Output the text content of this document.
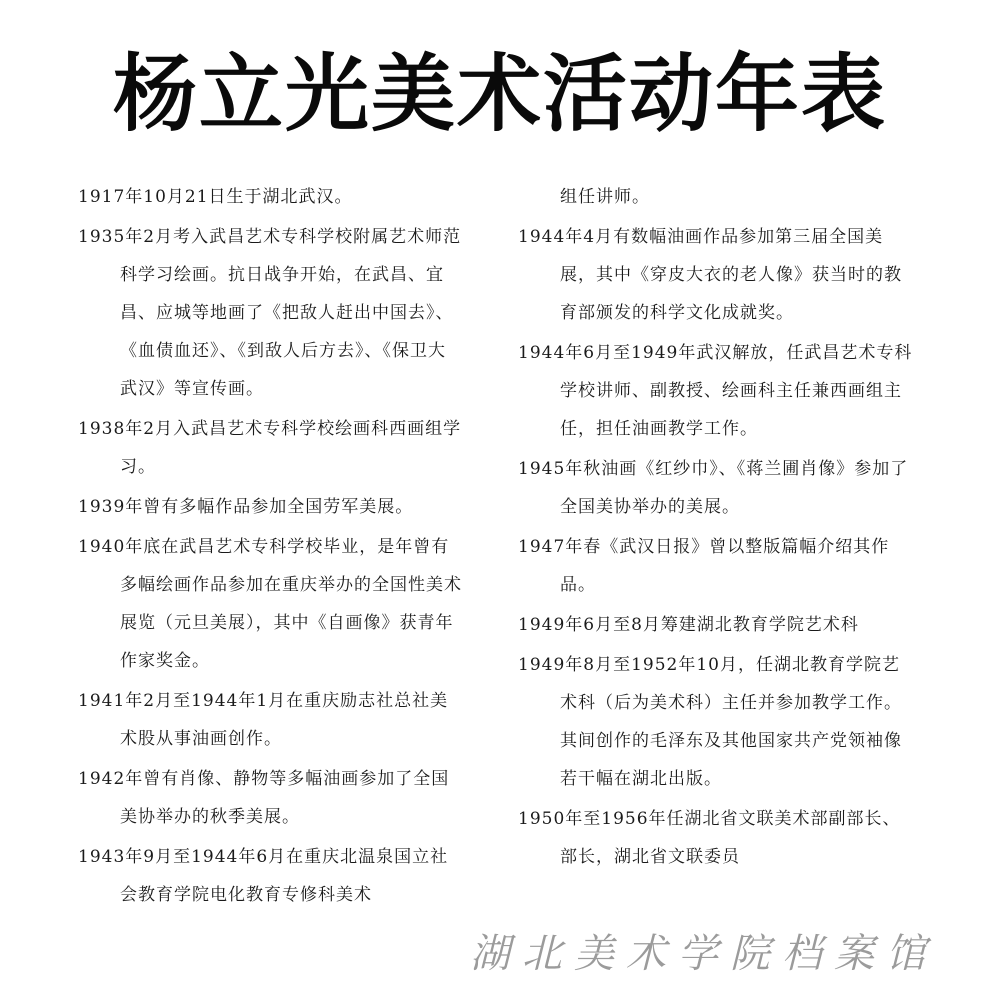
杨立光美术活动年表
1917年10月21日生于湖北武汉。
1935年2月考入武昌艺术专科学校附属艺术师范科学习绘画。抗日战争开始，在武昌、宜昌、应城等地画了《把敌人赶出中国去》、《血债血还》、《到敌人后方去》、《保卫大武汉》等宣传画。
1938年2月入武昌艺术专科学校绘画科西画组学习。
1939年曾有多幅作品参加全国劳军美展。
1940年底在武昌艺术专科学校毕业，是年曾有多幅绘画作品参加在重庆举办的全国性美术展览（元旦美展），其中《自画像》获青年作家奖金。
1941年2月至1944年1月在重庆励志社总社美术股从事油画创作。
1942年曾有肖像、静物等多幅油画参加了全国美协举办的秋季美展。
1943年9月至1944年6月在重庆北温泉国立社会教育学院电化教育专修科美术
组任讲师。
1944年4月有数幅油画作品参加第三届全国美展，其中《穿皮大衣的老人像》获当时的教育部颁发的科学文化成就奖。
1944年6月至1949年武汉解放，任武昌艺术专科学校讲师、副教授、绘画科主任兼西画组主任，担任油画教学工作。
1945年秋油画《红纱巾》、《蒋兰圃肖像》参加了全国美协举办的美展。
1947年春《武汉日报》曾以整版篇幅介绍其作品。
1949年6月至8月筹建湖北教育学院艺术科
1949年8月至1952年10月，任湖北教育学院艺术科（后为美术科）主任并参加教学工作。其间创作的毛泽东及其他国家共产党领袖像若干幅在湖北出版。
1950年至1956年任湖北省文联美术部副部长、部长，湖北省文联委员
湖北美术学院档案馆
